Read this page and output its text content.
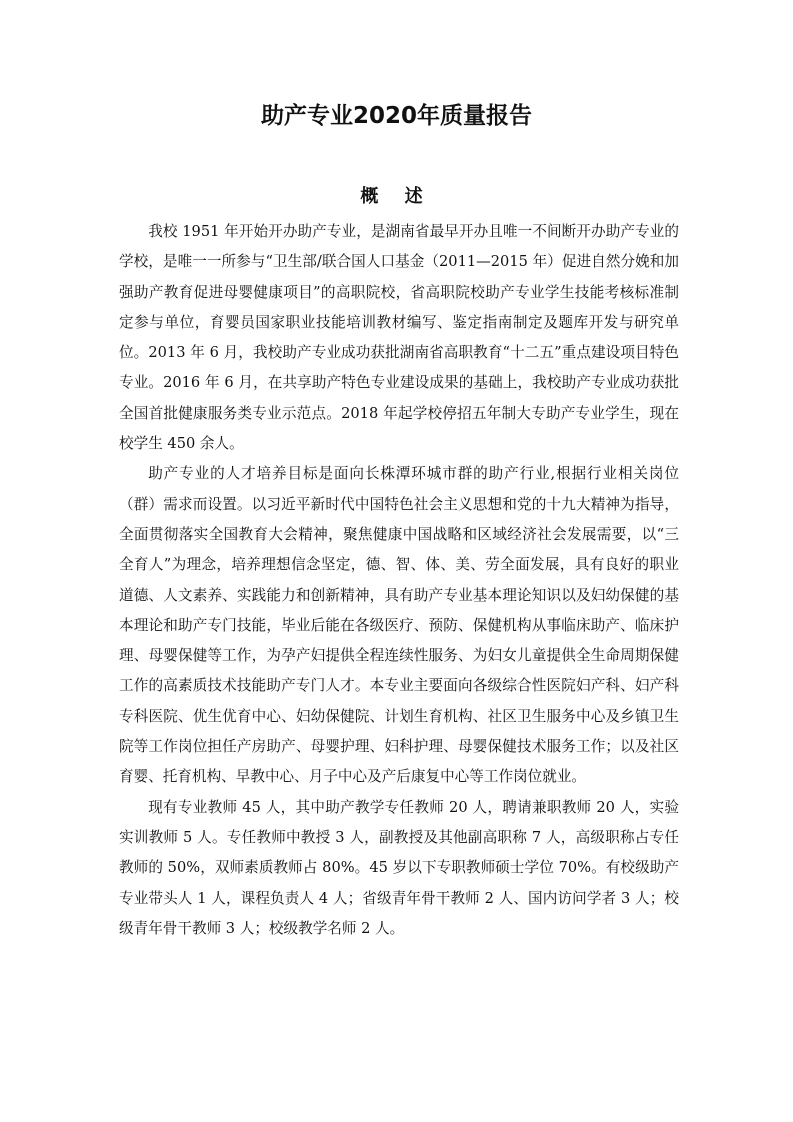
助产专业2020年质量报告
概 述

我校 1951 年开始开办助产专业，是湖南省最早开办且唯一不间断开办助产专业的学校，是唯一一所参与“卫生部/联合国人口基金（2011—2015 年）促进自然分娩和加强助产教育促进母婴健康项目”的高职院校，省高职院校助产专业学生技能考核标准制定参与单位，育婴员国家职业技能培训教材编写、鉴定指南制定及题库开发与研究单位。2013 年 6 月，我校助产专业成功获批湖南省高职教育“十二五”重点建设项目特色专业。2016 年 6 月，在共享助产特色专业建设成果的基础上，我校助产专业成功获批全国首批健康服务类专业示范点。2018 年起学校停招五年制大专助产专业学生，现在校学生 450 余人。

助产专业的人才培养目标是面向长株潭环城市群的助产行业,根据行业相关岗位（群）需求而设置。以习近平新时代中国特色社会主义思想和党的十九大精神为指导，全面贯彻落实全国教育大会精神，聚焦健康中国战略和区域经济社会发展需要，以“三全育人”为理念，培养理想信念坚定，德、智、体、美、劳全面发展，具有良好的职业道德、人文素养、实践能力和创新精神，具有助产专业基本理论知识以及妇幼保健的基本理论和助产专门技能，毕业后能在各级医疗、预防、保健机构从事临床助产、临床护理、母婴保健等工作，为孕产妇提供全程连续性服务、为妇女儿童提供全生命周期保健工作的高素质技术技能助产专门人才。本专业主要面向各级综合性医院妇产科、妇产科专科医院、优生优育中心、妇幼保健院、计划生育机构、社区卫生服务中心及乡镇卫生院等工作岗位担任产房助产、母婴护理、妇科护理、母婴保健技术服务工作；以及社区育婴、托育机构、早教中心、月子中心及产后康复中心等工作岗位就业。

现有专业教师 45 人，其中助产教学专任教师 20 人，聘请兼职教师 20 人，实验实训教师 5 人。专任教师中教授 3 人，副教授及其他副高职称 7 人，高级职称占专任教师的 50%，双师素质教师占 80%。45 岁以下专职教师硕士学位 70%。有校级助产专业带头人 1 人，课程负责人 4 人；省级青年骨干教师 2 人、国内访问学者 3 人；校级青年骨干教师 3 人；校级教学名师 2 人。
